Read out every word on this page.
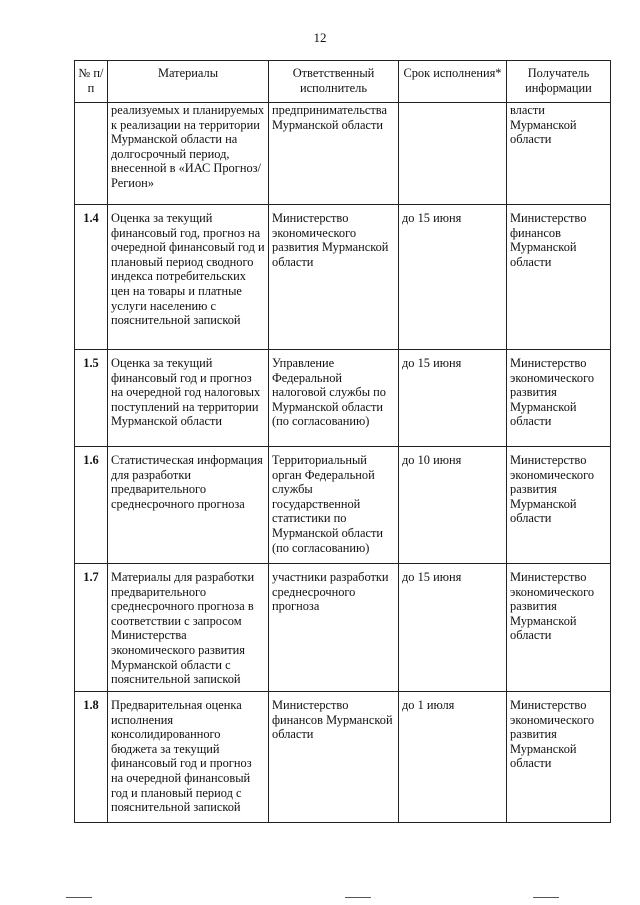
12
№ п/п	Материалы	Ответственный исполнитель	Срок исполнения*	Получатель информации
	реализуемых и планируемых к реализации на территории Мурманской области на долгосрочный период, внесенной в «ИАС Прогноз/Регион»	предпринимательства Мурманской области		власти Мурманской области
1.4	Оценка за текущий финансовый год, прогноз на очередной финансовый год и плановый период сводного индекса потребительских цен на товары и платные услуги населению с пояснительной запиской	Министерство экономического развития Мурманской области	до 15 июня	Министерство финансов Мурманской области
1.5	Оценка за текущий финансовый год и прогноз на очередной год налоговых поступлений на территории Мурманской области	Управление Федеральной налоговой службы по Мурманской области (по согласованию)	до 15 июня	Министерство экономического развития Мурманской области
1.6	Статистическая информация для разработки предварительного среднесрочного прогноза	Территориальный орган Федеральной службы государственной статистики по Мурманской области (по согласованию)	до 10 июня	Министерство экономического развития Мурманской области
1.7	Материалы для разработки предварительного среднесрочного прогноза в соответствии с запросом Министерства экономического развития Мурманской области с пояснительной запиской	участники разработки среднесрочного прогноза	до 15 июня	Министерство экономического развития Мурманской области
1.8	Предварительная оценка исполнения консолидированного бюджета за текущий финансовый год и прогноз на очередной финансовый год и плановый период с пояснительной запиской	Министерство финансов Мурманской области	до 1 июля	Министерство экономического развития Мурманской области
